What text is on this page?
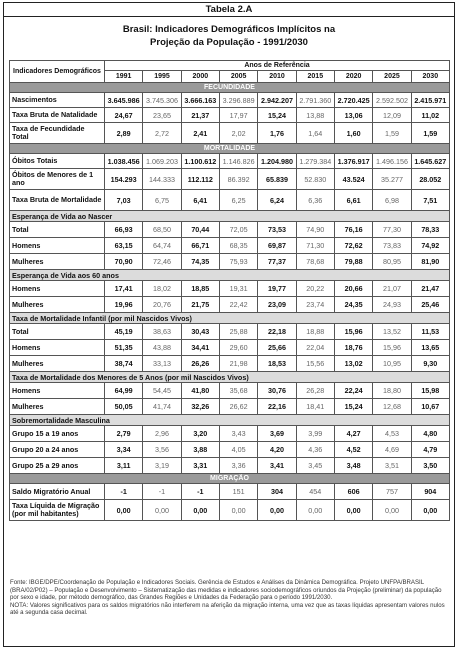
Tabela 2.A
Brasil: Indicadores Demográficos Implícitos na
Projeção da População - 1991/2030
Indicadores Demográficos	Anos de Referência								
	1991	1995	2000	2005	2010	2015	2020	2025	2030
FECUNDIDADE									
Nascimentos	3.645.986	3.745.306	3.666.163	3.296.889	2.942.207	2.791.360	2.720.425	2.592.502	2.415.971
Taxa Bruta de Natalidade	24,67	23,65	21,37	17,97	15,24	13,88	13,06	12,09	11,02
Taxa de Fecundidade Total	2,89	2,72	2,41	2,02	1,76	1,64	1,60	1,59	1,59
MORTALIDADE									
Óbitos Totais	1.038.456	1.069.203	1.100.612	1.146.826	1.204.980	1.279.384	1.376.917	1.496.156	1.645.627
Óbitos de Menores de 1 ano	154.293	144.333	112.112	86.392	65.839	52.830	43.524	35.277	28.052
Taxa Bruta de Mortalidade	7,03	6,75	6,41	6,25	6,24	6,36	6,61	6,98	7,51
Esperança de Vida ao Nascer									
Total	66,93	68,50	70,44	72,05	73,53	74,90	76,16	77,30	78,33
Homens	63,15	64,74	66,71	68,35	69,87	71,30	72,62	73,83	74,92
Mulheres	70,90	72,46	74,35	75,93	77,37	78,68	79,88	80,95	81,90
Esperança de Vida aos 60 anos									
Homens	17,41	18,02	18,85	19,31	19,77	20,22	20,66	21,07	21,47
Mulheres	19,96	20,76	21,75	22,42	23,09	23,74	24,35	24,93	25,46
Taxa de Mortalidade Infantil (por mil Nascidos Vivos)									
Total	45,19	38,63	30,43	25,88	22,18	18,88	15,96	13,52	11,53
Homens	51,35	43,88	34,41	29,60	25,66	22,04	18,76	15,96	13,65
Mulheres	38,74	33,13	26,26	21,98	18,53	15,56	13,02	10,95	9,30
Taxa de Mortalidade dos Menores de 5 Anos (por mil Nascidos Vivos)									
Homens	64,99	54,45	41,80	35,68	30,76	26,28	22,24	18,80	15,98
Mulheres	50,05	41,74	32,26	26,62	22,16	18,41	15,24	12,68	10,67
Sobremortalidade Masculina									
Grupo 15 a 19 anos	2,79	2,96	3,20	3,43	3,69	3,99	4,27	4,53	4,80
Grupo 20 a 24 anos	3,34	3,56	3,88	4,05	4,20	4,36	4,52	4,69	4,79
Grupo 25 a 29 anos	3,11	3,19	3,31	3,36	3,41	3,45	3,48	3,51	3,50
MIGRAÇÃO									
Saldo Migratório Anual	-1	-1	-1	151	304	454	606	757	904
Taxa Líquida de Migração (por mil habitantes)	0,00	0,00	0,00	0,00	0,00	0,00	0,00	0,00	0,00
Fonte: IBGE/DPE/Coordenação de População e Indicadores Sociais. Gerência de Estudos e Análises da Dinâmica Demográfica. Projeto UNFPA/BRASIL (BRA/02/P02) – População e Desenvolvimento – Sistematização das medidas e indicadores sociodemográficos oriundos da Projeção (preliminar) da população por sexo e idade, por método demográfico, das Grandes Regiões e Unidades da Federação para o período 1991/2030.
NOTA: Valores significativos para os saldos migratórios não interferem na aferição da migração interna, uma vez que as taxas líquidas apresentam valores nulos até a segunda casa decimal.
